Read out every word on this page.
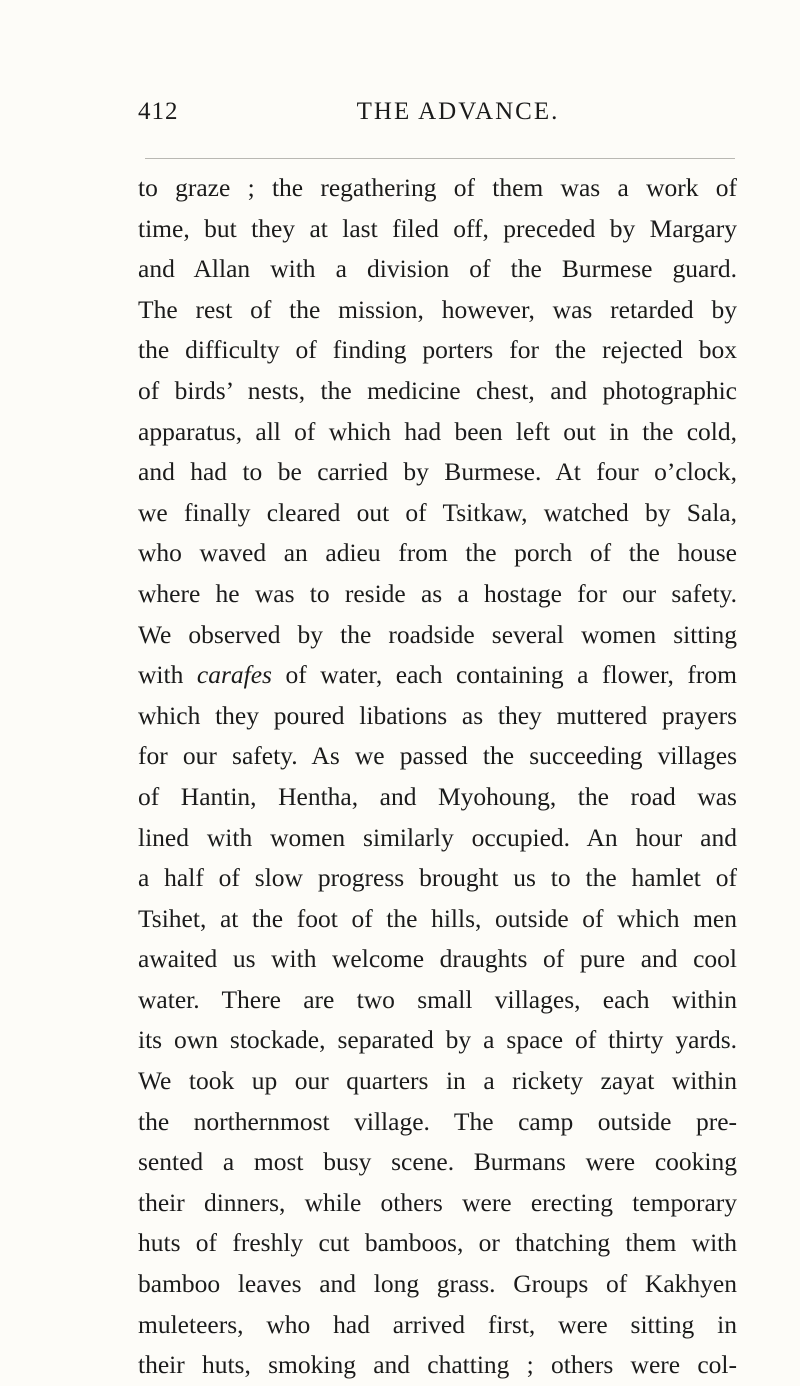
412	THE ADVANCE.
to graze ; the regathering of them was a work of
time, but they at last filed off, preceded by Margary
and Allan with a division of the Burmese guard.
The rest of the mission, however, was retarded by
the difficulty of finding porters for the rejected box
of birds’ nests, the medicine chest, and photographic
apparatus, all of which had been left out in the cold,
and had to be carried by Burmese. At four o’clock,
we finally cleared out of Tsitkaw, watched by Sala,
who waved an adieu from the porch of the house
where he was to reside as a hostage for our safety.
We observed by the roadside several women sitting
with carafes of water, each containing a flower, from
which they poured libations as they muttered prayers
for our safety. As we passed the succeeding villages
of Hantin, Hentha, and Myohoung, the road was
lined with women similarly occupied. An hour and
a half of slow progress brought us to the hamlet of
Tsihet, at the foot of the hills, outside of which men
awaited us with welcome draughts of pure and cool
water. There are two small villages, each within
its own stockade, separated by a space of thirty yards.
We took up our quarters in a rickety zayat within
the northernmost village. The camp outside pre-
sented a most busy scene. Burmans were cooking
their dinners, while others were erecting temporary
huts of freshly cut bamboos, or thatching them with
bamboo leaves and long grass. Groups of Kakhyen
muleteers, who had arrived first, were sitting in
their huts, smoking and chatting ; others were col-
